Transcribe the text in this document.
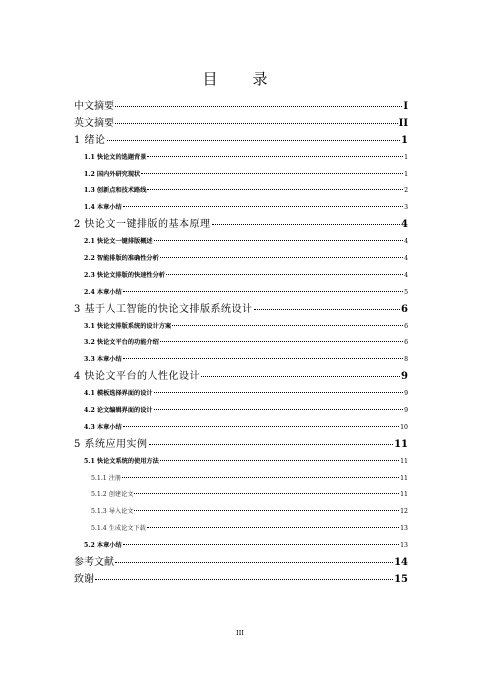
目　录
中文摘要	I
英文摘要	II
1 绪论	1
1.1 快论文的选题背景	1
1.2 国内外研究现状	1
1.3 创新点和技术路线	2
1.4 本章小结	3
2 快论文一键排版的基本原理	4
2.1 快论文一键排版概述	4
2.2 智能排版的准确性分析	4
2.3 快论文排版的快速性分析	4
2.4 本章小结	5
3 基于人工智能的快论文排版系统设计	6
3.1 快论文排版系统的设计方案	6
3.2 快论文平台的功能介绍	6
3.3 本章小结	8
4 快论文平台的人性化设计	9
4.1 模板选择界面的设计	9
4.2 论文编辑界面的设计	9
4.3 本章小结	10
5 系统应用实例	11
5.1 快论文系统的使用方法	11
5.1.1 注册	11
5.1.2 创建论文	11
5.1.3 导入论文	12
5.1.4 生成论文下载	13
5.2 本章小结	13
参考文献	14
致谢	15
III
